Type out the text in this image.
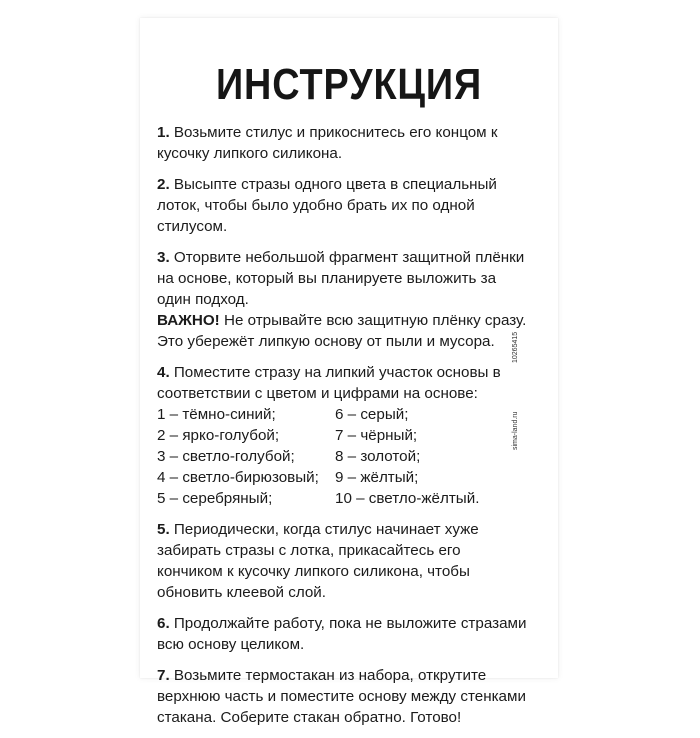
ИНСТРУКЦИЯ

1. Возьмите стилус и прикоснитесь его концом к кусочку липкого силикона.

2. Высыпте стразы одного цвета в специальный лоток, чтобы было удобно брать их по одной стилусом.

3. Оторвите небольшой фрагмент защитной плёнки на основе, который вы планируете выложить за один подход.

ВАЖНО! Не отрывайте всю защитную плёнку сразу. Это убережёт липкую основу от пыли и мусора.

4. Поместите стразу на липкий участок основы в соответствии с цветом и цифрами на основе:

1 – тёмно-синий;	6 – серый;
2 – ярко-голубой;	7 – чёрный;
3 – светло-голубой;	8 – золотой;
4 – светло-бирюзовый;	9 – жёлтый;
5 – серебряный;	10 – светло-жёлтый.

5. Периодически, когда стилус начинает хуже забирать стразы с лотка, прикасайтесь его кончиком к кусочку липкого силикона, чтобы обновить клеевой слой.

6. Продолжайте работу, пока не выложите стразами всю основу целиком.

7. Возьмите термостакан из набора, открутите верхнюю часть и поместите основу между стенками стакана. Соберите стакан обратно. Готово!

10265415
sima-land.ru
